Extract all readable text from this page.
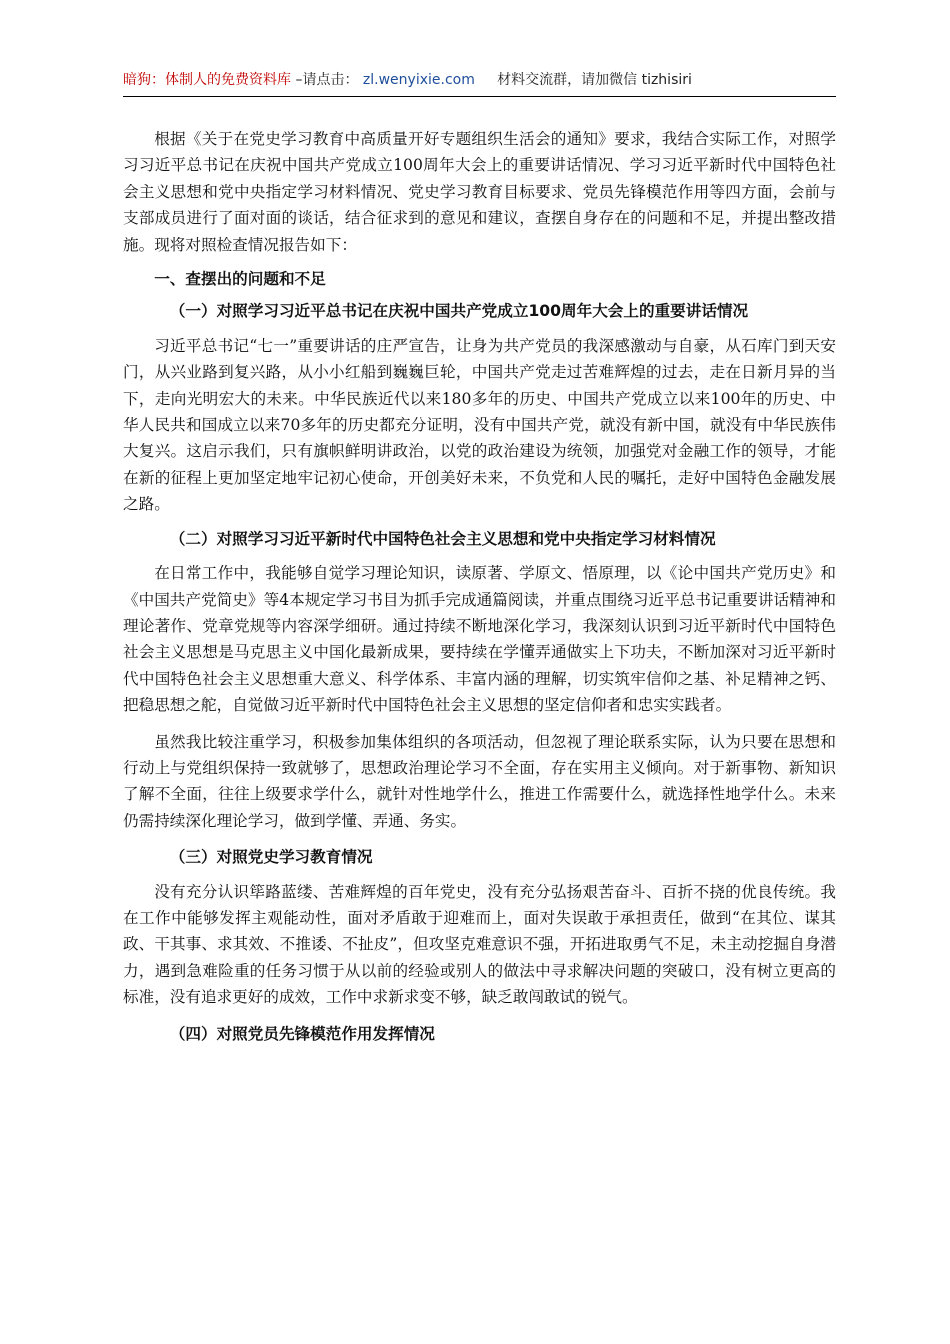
暗狗：体制人的免费资料库 –请点击： zl.wenyixie.com 材料交流群，请加微信 tizhisiri

根据《关于在党史学习教育中高质量开好专题组织生活会的通知》要求，我结合实际工作，对照学习习近平总书记在庆祝中国共产党成立100周年大会上的重要讲话情况、学习习近平新时代中国特色社会主义思想和党中央指定学习材料情况、党史学习教育目标要求、党员先锋模范作用等四方面，会前与支部成员进行了面对面的谈话，结合征求到的意见和建议，查摆自身存在的问题和不足，并提出整改措施。现将对照检查情况报告如下：

一、查摆出的问题和不足
（一）对照学习习近平总书记在庆祝中国共产党成立100周年大会上的重要讲话情况

习近平总书记“七一”重要讲话的庄严宣告，让身为共产党员的我深感激动与自豪，从石库门到天安门，从兴业路到复兴路，从小小红船到巍巍巨轮，中国共产党走过苦难辉煌的过去，走在日新月异的当下，走向光明宏大的未来。中华民族近代以来180多年的历史、中国共产党成立以来100年的历史、中华人民共和国成立以来70多年的历史都充分证明，没有中国共产党，就没有新中国，就没有中华民族伟大复兴。这启示我们，只有旗帜鲜明讲政治，以党的政治建设为统领，加强党对金融工作的领导，才能在新的征程上更加坚定地牢记初心使命，开创美好未来，不负党和人民的嘱托，走好中国特色金融发展之路。

（二）对照学习习近平新时代中国特色社会主义思想和党中央指定学习材料情况

在日常工作中，我能够自觉学习理论知识，读原著、学原文、悟原理，以《论中国共产党历史》和《中国共产党简史》等4本规定学习书目为抓手完成通篇阅读，并重点围绕习近平总书记重要讲话精神和理论著作、党章党规等内容深学细研。通过持续不断地深化学习，我深刻认识到习近平新时代中国特色社会主义思想是马克思主义中国化最新成果，要持续在学懂弄通做实上下功夫，不断加深对习近平新时代中国特色社会主义思想重大意义、科学体系、丰富内涵的理解，切实筑牢信仰之基、补足精神之钙、把稳思想之舵，自觉做习近平新时代中国特色社会主义思想的坚定信仰者和忠实实践者。

虽然我比较注重学习，积极参加集体组织的各项活动，但忽视了理论联系实际，认为只要在思想和行动上与党组织保持一致就够了，思想政治理论学习不全面，存在实用主义倾向。对于新事物、新知识了解不全面，往往上级要求学什么，就针对性地学什么，推进工作需要什么，就选择性地学什么。未来仍需持续深化理论学习，做到学懂、弄通、务实。

（三）对照党史学习教育情况

没有充分认识筚路蓝缕、苦难辉煌的百年党史，没有充分弘扬艰苦奋斗、百折不挠的优良传统。我在工作中能够发挥主观能动性，面对矛盾敢于迎难而上，面对失误敢于承担责任，做到“在其位、谋其政、干其事、求其效、不推诿、不扯皮”，但攻坚克难意识不强，开拓进取勇气不足，未主动挖掘自身潜力，遇到急难险重的任务习惯于从以前的经验或别人的做法中寻求解决问题的突破口，没有树立更高的标准，没有追求更好的成效，工作中求新求变不够，缺乏敢闯敢试的锐气。

（四）对照党员先锋模范作用发挥情况
